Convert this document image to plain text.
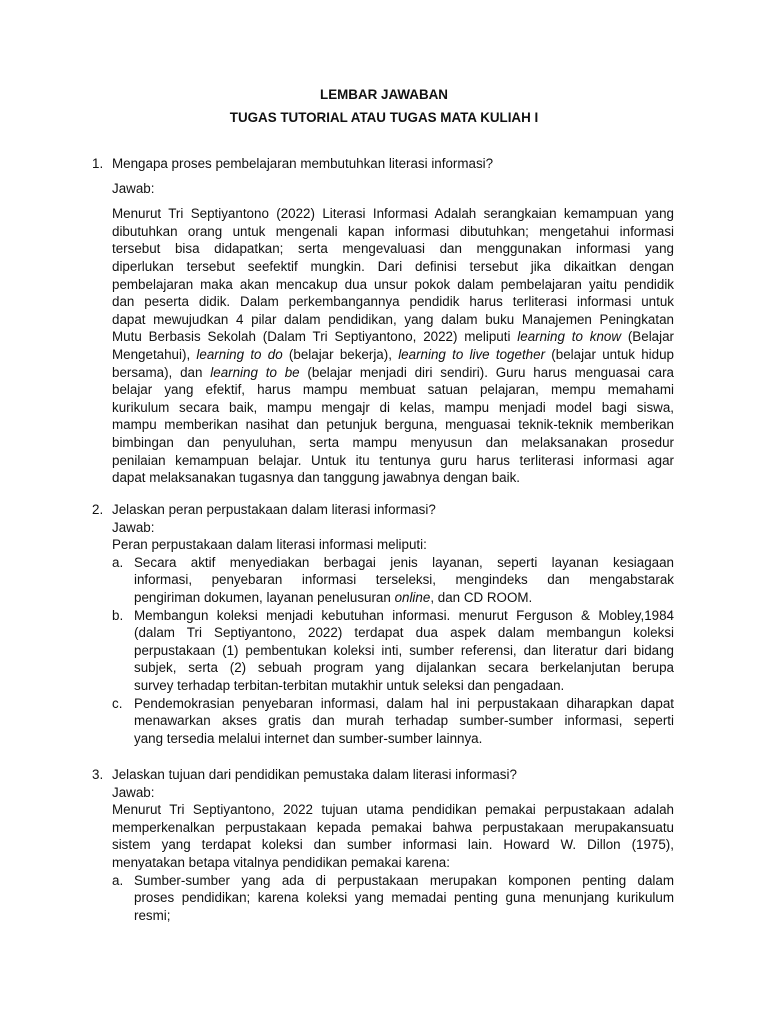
LEMBAR JAWABAN
TUGAS TUTORIAL ATAU TUGAS MATA KULIAH I
Mengapa proses pembelajaran membutuhkan literasi informasi?
1.
Jawab:
Menurut Tri Septiyantono (2022) Literasi Informasi Adalah serangkaian kemampuan yang
dibutuhkan orang untuk mengenali kapan informasi dibutuhkan; mengetahui informasi
tersebut bisa didapatkan; serta mengevaluasi dan menggunakan informasi yang
diperlukan tersebut seefektif mungkin. Dari definisi tersebut jika dikaitkan dengan
pembelajaran maka akan mencakup dua unsur pokok dalam pembelajaran yaitu pendidik
dan peserta didik. Dalam perkembangannya pendidik harus terliterasi informasi untuk
dapat mewujudkan 4 pilar dalam pendidikan, yang dalam buku Manajemen Peningkatan
Mutu Berbasis Sekolah (Dalam Tri Septiyantono, 2022) meliputi learning to know (Belajar
Mengetahui), learning to do (belajar bekerja), learning to live together (belajar untuk hidup
bersama), dan learning to be (belajar menjadi diri sendiri). Guru harus menguasai cara
belajar yang efektif, harus mampu membuat satuan pelajaran, mempu memahami
kurikulum secara baik, mampu mengajr di kelas, mampu menjadi model bagi siswa,
mampu memberikan nasihat dan petunjuk berguna, menguasai teknik-teknik memberikan
bimbingan dan penyuluhan, serta mampu menyusun dan melaksanakan prosedur
penilaian kemampuan belajar. Untuk itu tentunya guru harus terliterasi informasi agar
dapat melaksanakan tugasnya dan tanggung jawabnya dengan baik.
Jelaskan peran perpustakaan dalam literasi informasi?
2.
Jawab:
Peran perpustakaan dalam literasi informasi meliputi:
a. Secara aktif menyediakan berbagai jenis layanan, seperti layanan kesiagaan
informasi, penyebaran informasi terseleksi, mengindeks dan mengabstarak
pengiriman dokumen, layanan penelusuran online, dan CD ROOM.
b. Membangun koleksi menjadi kebutuhan informasi. menurut Ferguson & Mobley,1984
(dalam Tri Septiyantono, 2022) terdapat dua aspek dalam membangun koleksi
perpustakaan (1) pembentukan koleksi inti, sumber referensi, dan literatur dari bidang
subjek, serta (2) sebuah program yang dijalankan secara berkelanjutan berupa
survey terhadap terbitan-terbitan mutakhir untuk seleksi dan pengadaan.
c. Pendemokrasian penyebaran informasi, dalam hal ini perpustakaan diharapkan dapat
menawarkan akses gratis dan murah terhadap sumber-sumber informasi, seperti
yang tersedia melalui internet dan sumber-sumber lainnya.
Jelaskan tujuan dari pendidikan pemustaka dalam literasi informasi?
3.
Jawab:
Menurut Tri Septiyantono, 2022 tujuan utama pendidikan pemakai perpustakaan adalah
memperkenalkan perpustakaan kepada pemakai bahwa perpustakaan merupakansuatu
sistem yang terdapat koleksi dan sumber informasi lain. Howard W. Dillon (1975),
menyatakan betapa vitalnya pendidikan pemakai karena:
a. Sumber-sumber yang ada di perpustakaan merupakan komponen penting dalam
proses pendidikan; karena koleksi yang memadai penting guna menunjang kurikulum
resmi;
